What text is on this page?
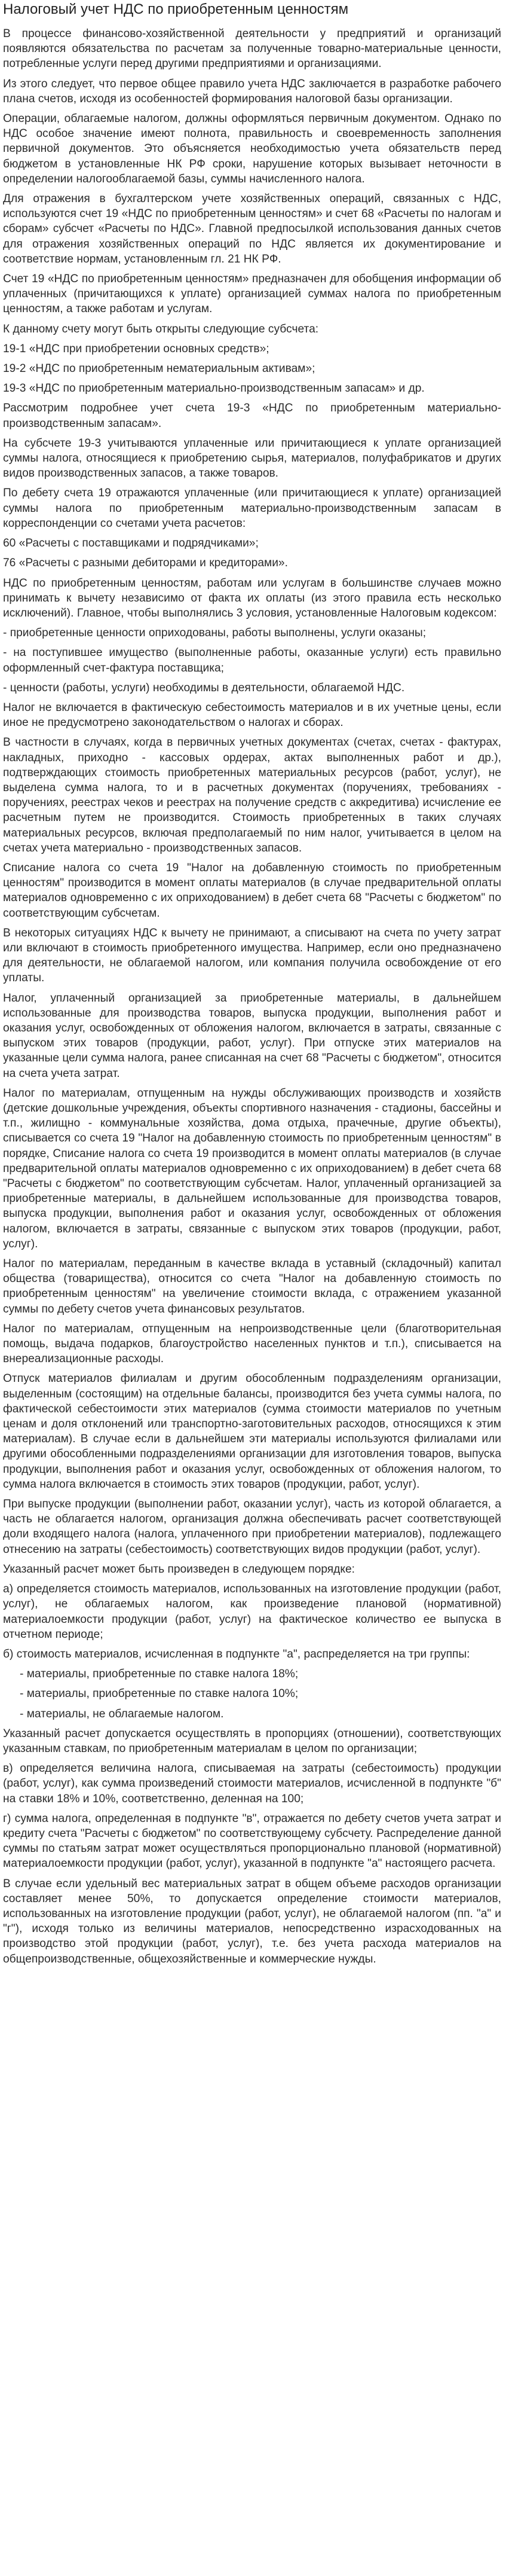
Налоговый учет НДС по приобретенным ценностям

В процессе финансово-хозяйственной деятельности у предприятий и организаций появляются обязательства по расчетам за полученные товарно-материальные ценности, потребленные услуги перед другими предприятиями и организациями.

Из этого следует, что первое общее правило учета НДС заключается в разработке рабочего плана счетов, исходя из особенностей формирования налоговой базы организации.

Операции, облагаемые налогом, должны оформляться первичным документом. Однако по НДС особое значение имеют полнота, правильность и своевременность заполнения первичной документов. Это объясняется необходимостью учета обязательств перед бюджетом в установленные НК РФ сроки, нарушение которых вызывает неточности в определении налогооблагаемой базы, суммы начисленного налога.

Для отражения в бухгалтерском учете хозяйственных операций, связанных с НДС, используются счет 19 «НДС по приобретенным ценностям» и счет 68 «Расчеты по налогам и сборам» субсчет «Расчеты по НДС». Главной предпосылкой использования данных счетов для отражения хозяйственных операций по НДС является их документирование и соответствие нормам, установленным гл. 21 НК РФ.

Счет 19 «НДС по приобретенным ценностям» предназначен для обобщения информации об уплаченных (причитающихся к уплате) организацией суммах налога по приобретенным ценностям, а также работам и услугам.

К данному счету могут быть открыты следующие субсчета:

19-1 «НДС при приобретении основных средств»;

19-2 «НДС по приобретенным нематериальным активам»;

19-3 «НДС по приобретенным материально-производственным запасам» и др.

Рассмотрим подробнее учет счета 19-3 «НДС по приобретенным материально-производственным запасам».

На субсчете 19-3 учитываются уплаченные или причитающиеся к уплате организацией суммы налога, относящиеся к приобретению сырья, материалов, полуфабрикатов и других видов производственных запасов, а также товаров.

По дебету счета 19 отражаются уплаченные (или причитающиеся к уплате) организацией суммы налога по приобретенным материально-производственным запасам в корреспонденции со счетами учета расчетов:

60 «Расчеты с поставщиками и подрядчиками»;

76 «Расчеты с разными дебиторами и кредиторами».

НДС по приобретенным ценностям, работам или услугам в большинстве случаев можно принимать к вычету независимо от факта их оплаты (из этого правила есть несколько исключений). Главное, чтобы выполнялись 3 условия, установленные Налоговым кодексом:

- приобретенные ценности оприходованы, работы выполнены, услуги оказаны;

- на поступившее имущество (выполненные работы, оказанные услуги) есть правильно оформленный счет-фактура поставщика;

- ценности (работы, услуги) необходимы в деятельности, облагаемой НДС.

Налог не включается в фактическую себестоимость материалов и в их учетные цены, если иное не предусмотрено законодательством о налогах и сборах.

В частности в случаях, когда в первичных учетных документах (счетах, счетах - фактурах, накладных, приходно - кассовых ордерах, актах выполненных работ и др.), подтверждающих стоимость приобретенных материальных ресурсов (работ, услуг), не выделена сумма налога, то и в расчетных документах (поручениях, требованиях - поручениях, реестрах чеков и реестрах на получение средств с аккредитива) исчисление ее расчетным путем не производится. Стоимость приобретенных в таких случаях материальных ресурсов, включая предполагаемый по ним налог, учитывается в целом на счетах учета материально - производственных запасов.

Списание налога со счета 19 "Налог на добавленную стоимость по приобретенным ценностям" производится в момент оплаты материалов (в случае предварительной оплаты материалов одновременно с их оприходованием) в дебет счета 68 "Расчеты с бюджетом" по соответствующим субсчетам.

В некоторых ситуациях НДС к вычету не принимают, а списывают на счета по учету затрат или включают в стоимость приобретенного имущества. Например, если оно предназначено для деятельности, не облагаемой налогом, или компания получила освобождение от его уплаты.

Налог, уплаченный организацией за приобретенные материалы, в дальнейшем использованные для производства товаров, выпуска продукции, выполнения работ и оказания услуг, освобожденных от обложения налогом, включается в затраты, связанные с выпуском этих товаров (продукции, работ, услуг). При отпуске этих материалов на указанные цели сумма налога, ранее списанная на счет 68 "Расчеты с бюджетом", относится на счета учета затрат.

Налог по материалам, отпущенным на нужды обслуживающих производств и хозяйств (детские дошкольные учреждения, объекты спортивного назначения - стадионы, бассейны и т.п., жилищно - коммунальные хозяйства, дома отдыха, прачечные, другие объекты), списывается со счета 19 "Налог на добавленную стоимость по приобретенным ценностям" в порядке, Списание налога со счета 19 производится в момент оплаты материалов (в случае предварительной оплаты материалов одновременно с их оприходованием) в дебет счета 68 "Расчеты с бюджетом" по соответствующим субсчетам. Налог, уплаченный организацией за приобретенные материалы, в дальнейшем использованные для производства товаров, выпуска продукции, выполнения работ и оказания услуг, освобожденных от обложения налогом, включается в затраты, связанные с выпуском этих товаров (продукции, работ, услуг).

Налог по материалам, переданным в качестве вклада в уставный (складочный) капитал общества (товарищества), относится со счета "Налог на добавленную стоимость по приобретенным ценностям" на увеличение стоимости вклада, с отражением указанной суммы по дебету счетов учета финансовых результатов.

Налог по материалам, отпущенным на непроизводственные цели (благотворительная помощь, выдача подарков, благоустройство населенных пунктов и т.п.), списывается на внереализационные расходы.

Отпуск материалов филиалам и другим обособленным подразделениям организации, выделенным (состоящим) на отдельные балансы, производится без учета суммы налога, по фактической себестоимости этих материалов (сумма стоимости материалов по учетным ценам и доля отклонений или транспортно-заготовительных расходов, относящихся к этим материалам). В случае если в дальнейшем эти материалы используются филиалами или другими обособленными подразделениями организации для изготовления товаров, выпуска продукции, выполнения работ и оказания услуг, освобожденных от обложения налогом, то сумма налога включается в стоимость этих товаров (продукции, работ, услуг).

При выпуске продукции (выполнении работ, оказании услуг), часть из которой облагается, а часть не облагается налогом, организация должна обеспечивать расчет соответствующей доли входящего налога (налога, уплаченного при приобретении материалов), подлежащего отнесению на затраты (себестоимость) соответствующих видов продукции (работ, услуг).

Указанный расчет может быть произведен в следующем порядке:

а) определяется стоимость материалов, использованных на изготовление продукции (работ, услуг), не облагаемых налогом, как произведение плановой (нормативной) материалоемкости продукции (работ, услуг) на фактическое количество ее выпуска в отчетном периоде;

б) стоимость материалов, исчисленная в подпункте "а", распределяется на три группы:

- материалы, приобретенные по ставке налога 18%;

- материалы, приобретенные по ставке налога 10%;

- материалы, не облагаемые налогом.

Указанный расчет допускается осуществлять в пропорциях (отношении), соответствующих указанным ставкам, по приобретенным материалам в целом по организации;

в) определяется величина налога, списываемая на затраты (себестоимость) продукции (работ, услуг), как сумма произведений стоимости материалов, исчисленной в подпункте "б" на ставки 18% и 10%, соответственно, деленная на 100;

г) сумма налога, определенная в подпункте "в", отражается по дебету счетов учета затрат и кредиту счета "Расчеты с бюджетом" по соответствующему субсчету. Распределение данной суммы по статьям затрат может осуществляться пропорционально плановой (нормативной) материалоемкости продукции (работ, услуг), указанной в подпункте "а" настоящего расчета.

В случае если удельный вес материальных затрат в общем объеме расходов организации составляет менее 50%, то допускается определение стоимости материалов, использованных на изготовление продукции (работ, услуг), не облагаемой налогом (пп. "а" и "г"), исходя только из величины материалов, непосредственно израсходованных на производство этой продукции (работ, услуг), т.е. без учета расхода материалов на общепроизводственные, общехозяйственные и коммерческие нужды.
